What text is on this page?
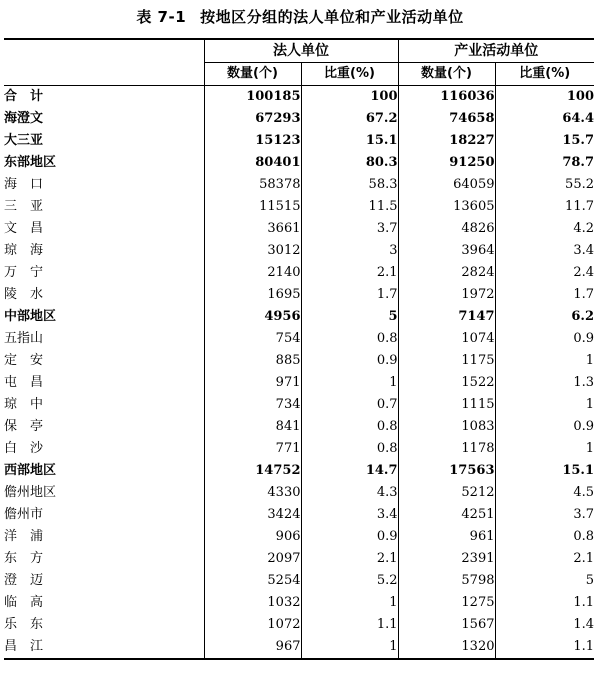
表 7-1 按地区分组的法人单位和产业活动单位
	法人单位		产业活动单位	
	数量(个)	比重(%)	数量(个)	比重(%)
合　计	100185	100	116036	100
海澄文	67293	67.2	74658	64.4
大三亚	15123	15.1	18227	15.7
东部地区	80401	80.3	91250	78.7
海　口	58378	58.3	64059	55.2
三　亚	11515	11.5	13605	11.7
文　昌	3661	3.7	4826	4.2
琼　海	3012	3	3964	3.4
万　宁	2140	2.1	2824	2.4
陵　水	1695	1.7	1972	1.7
中部地区	4956	5	7147	6.2
五指山	754	0.8	1074	0.9
定　安	885	0.9	1175	1
屯　昌	971	1	1522	1.3
琼　中	734	0.7	1115	1
保　亭	841	0.8	1083	0.9
白　沙	771	0.8	1178	1
西部地区	14752	14.7	17563	15.1
儋州地区	4330	4.3	5212	4.5
儋州市	3424	3.4	4251	3.7
洋　浦	906	0.9	961	0.8
东　方	2097	2.1	2391	2.1
澄　迈	5254	5.2	5798	5
临　高	1032	1	1275	1.1
乐　东	1072	1.1	1567	1.4
昌　江	967	1	1320	1.1
